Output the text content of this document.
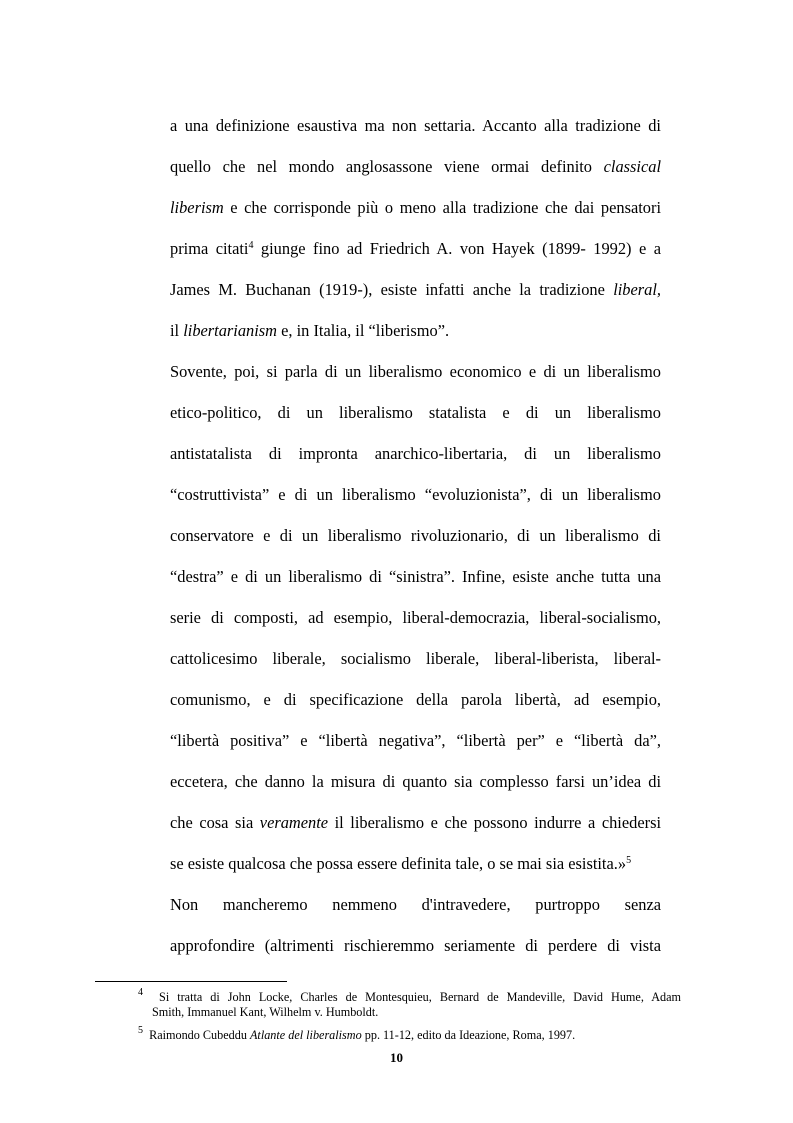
a una definizione esaustiva ma non settaria. Accanto alla tradizione di
quello che nel mondo anglosassone viene ormai definito classical
liberism e che corrisponde più o meno alla tradizione che dai pensatori
prima citati$^4$ giunge fino ad Friedrich A. von Hayek (1899- 1992) e a
James M. Buchanan (1919-), esiste infatti anche la tradizione liberal,
il libertarianism e, in Italia, il “liberismo”.
Sovente, poi, si parla di un liberalismo economico e di un liberalismo
etico-politico, di un liberalismo statalista e di un liberalismo
antistatalista di impronta anarchico-libertaria, di un liberalismo
“costruttivista” e di un liberalismo “evoluzionista”, di un liberalismo
conservatore e di un liberalismo rivoluzionario, di un liberalismo di
“destra” e di un liberalismo di “sinistra”. Infine, esiste anche tutta una
serie di composti, ad esempio, liberal-democrazia, liberal-socialismo,
cattolicesimo liberale, socialismo liberale, liberal-liberista, liberal-
comunismo, e di specificazione della parola libertà, ad esempio,
“libertà positiva” e “libertà negativa”, “libertà per” e “libertà da”,
eccetera, che danno la misura di quanto sia complesso farsi un’idea di
che cosa sia veramente il liberalismo e che possono indurre a chiedersi
se esiste qualcosa che possa essere definita tale, o se mai sia esistita.»$^5$
Non mancheremo nemmeno d'intravedere, purtroppo senza
approfondire (altrimenti rischieremmo seriamente di perdere di vista
$^4$ Si tratta di John Locke, Charles de Montesquieu, Bernard de Mandeville, David Hume, Adam
Smith, Immanuel Kant, Wilhelm v. Humboldt.
$^5$ Raimondo Cubeddu Atlante del liberalismo pp. 11-12, edito da Ideazione, Roma, 1997.
10
